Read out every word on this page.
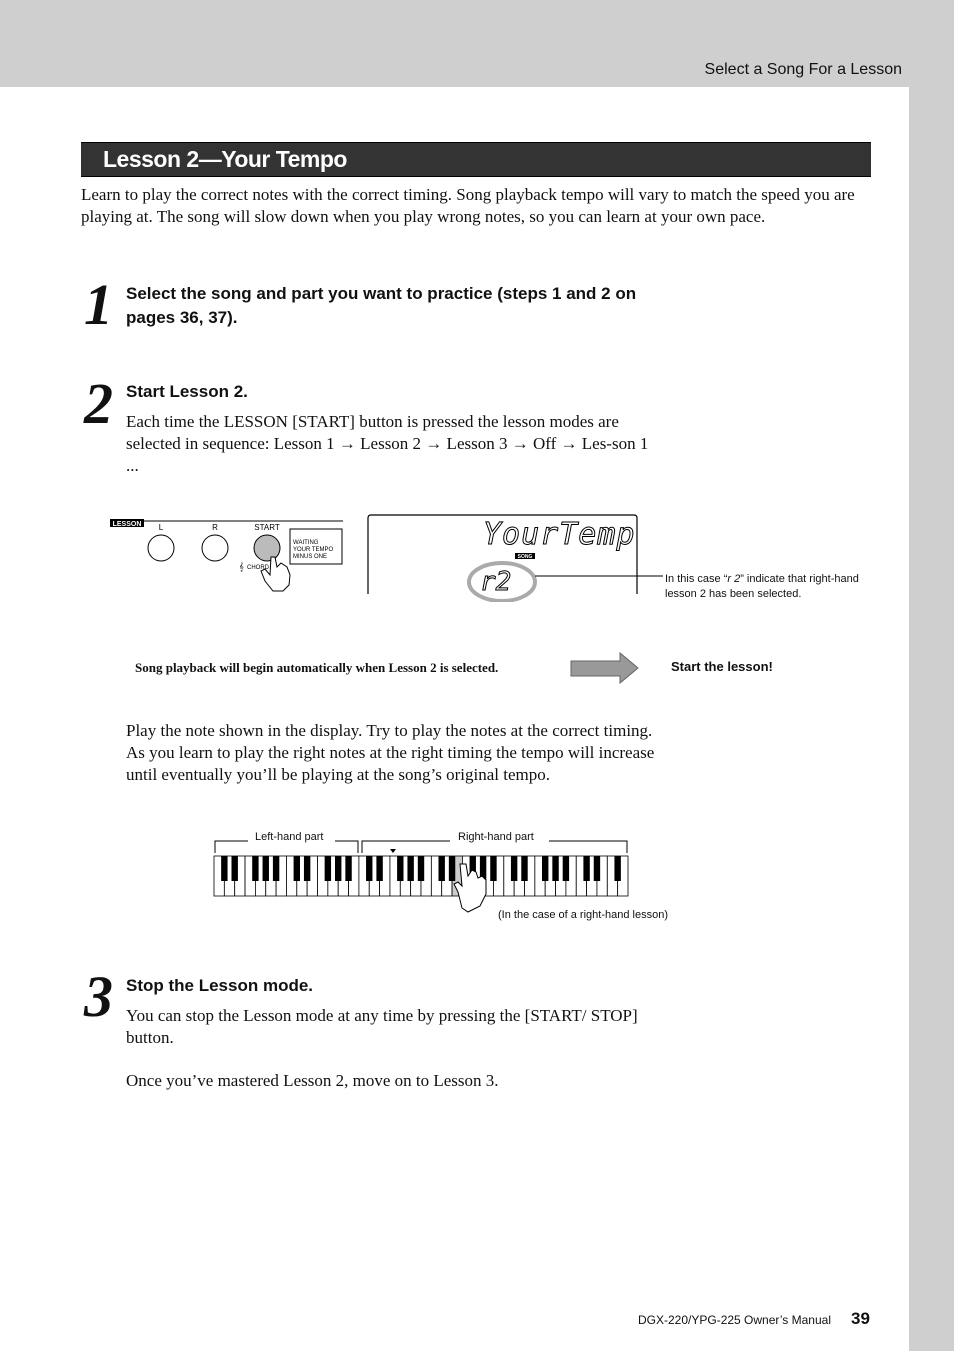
Select a Song For a Lesson
Lesson 2—Your Tempo
Learn to play the correct notes with the correct timing. Song playback tempo will vary to match the speed you are playing at. The song will slow down when you play wrong notes, so you can learn at your own pace.
1 Select the song and part you want to practice (steps 1 and 2 on pages 36, 37).
2 Start Lesson 2.
Each time the LESSON [START] button is pressed the lesson modes are selected in sequence: Lesson 1 → Lesson 2 → Lesson 3 → Off → Les-son 1 ...
LESSON L	R	START
WAITING
YOUR TEMPO
MINUS ONE
𝄞 CHORD
YourTemp
SONG
r2	In this case “r 2” indicate that right-hand lesson 2 has been selected.
Song playback will begin automatically when Lesson 2 is selected.	Start the lesson!
Play the note shown in the display. Try to play the notes at the correct timing. As you learn to play the right notes at the right timing the tempo will increase until eventually you’ll be playing at the song’s original tempo.
Left-hand part	Right-hand part
(In the case of a right-hand lesson)
3 Stop the Lesson mode.
You can stop the Lesson mode at any time by pressing the [START/ STOP] button.
Once you’ve mastered Lesson 2, move on to Lesson 3.
DGX-220/YPG-225 Owner’s Manual 39
